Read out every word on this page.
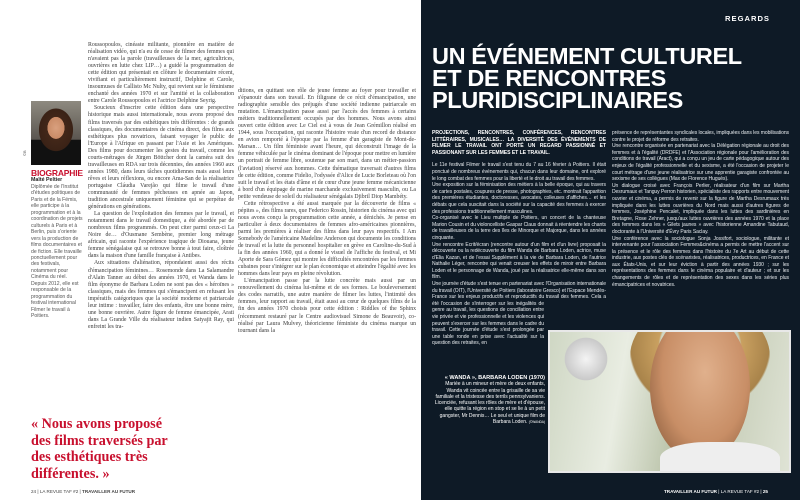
©B
BIOGRAPHIE
Maïté Peltier
Diplômée de l'Institut d'études politiques de Paris et de la Fémis, elle participe à la programmation et à la coordination de projets culturels à Paris et à Berlin, puis s'oriente vers la production de films documentaires et de fiction. Elle travaille ponctuellement pour des festivals, notamment pour Cinéma du réel. Depuis 2012, elle est responsable de la programmation du festival international Filmer le travail à Poitiers.

Roussopoulos, cinéaste militante, pionnière en matière de réalisation vidéo, qui n'a eu de cesse de filmer des femmes qui n'avaient pas la parole (travailleuses de la mer, agricultrices, ouvrières en lutte chez LIP…) a guidé la programmation de cette édition qui présentait en clôture le documentaire récent, vivifiant et particulièrement instructif, Delphine et Carole, insoumuses de Callisto Mc Nulty, qui revient sur le féminisme enchanté des années 1970 et sur l'amitié et la collaboration entre Carole Roussopoulos et l'actrice Delphine Seyrig.

Soucieux d'inscrire cette édition dans une perspective historique mais aussi internationale, nous avons proposé des films traversés par des esthétiques très différentes : de grands classiques, des documentaires de cinéma direct, des films aux esthétiques plus novatrices, faisant voyager le public de l'Europe à l'Afrique en passant par l'Asie et les Amériques. Des films pour documenter les gestes du travail, comme les courts-métrages de Jürgen Böttcher dont la caméra suit des travailleuses en RDA sur trois décennies, des années 1960 aux années 1980, dans leurs tâches quotidiennes mais aussi leurs rêves et leurs réflexions, ou encore Ama-San de la réalisatrice portugaise Cláudia Varejão qui filme le travail d'une communauté de femmes pêcheuses en apnée au Japon, tradition ancestrale uniquement féminine qui se perpétue de générations en générations.

La question de l'exploitation des femmes par le travail, et notamment dans le travail domestique, a été abordée par de nombreux films programmés. On peut citer parmi ceux-ci La Noire de… d'Ousmane Sembène, premier long métrage africain, qui raconte l'expérience tragique de Diouana, jeune femme sénégalaise qui se retrouve bonne à tout faire, cloîtrée dans la maison d'une famille française à Antibes.

Aux situations d'aliénation, répondaient aussi des récits d'émancipation féminines… Rosemonde dans La Salamandre d'Alain Tanner au début des années 1970, et Wanda dans le film éponyme de Barbara Loden ne sont pas des « héroïnes » classiques, mais des femmes qui s'émancipent en refusant les impératifs catégoriques que la société moderne et patriarcale leur intime : travailler, faire des enfants, être une bonne mère, une bonne ouvrière. Autre figure de femme émancipée, Arati dans La Grande Ville du réalisateur indien Satyajit Ray, qui enfreint les tra-

ditions, en quittant son rôle de jeune femme au foyer pour travailler et s'épanouir dans son travail. En filigrane de ce récit d'émancipation, une radiographie sensible des préjugés d'une société indienne patriarcale en mutation. L'émancipation passe aussi par l'accès des femmes à certains métiers traditionnellement occupés par des hommes. Nous avons ainsi ouvert cette édition avec Le Ciel est à vous de Jean Grémillon réalisé en 1944, sous l'occupation, qui raconte l'histoire vraie d'un record de distance en avion remporté à l'époque par la femme d'un garagiste de Mont-de-Marsan… Un film féministe avant l'heure, qui déconstruit l'image de la femme véhiculée par le cinéma dominant de l'époque pour mettre en lumière un portrait de femme libre, soutenue par son mari, dans un métier-passion (l'aviation) réservé aux hommes. Cette thématique traversait d'autres films de cette édition, comme Fidelio, l'odyssée d'Alice de Lucie Borleteau où l'on suit le travail et les états d'âme et de cœur d'une jeune femme mécanicienne à bord d'un équipage de marine marchande exclusivement masculin, ou La petite vendeuse de soleil du réalisateur sénégalais Djibril Diop Mambéty.

Cette rétrospective a été aussi marquée par la découverte de films « pépites », des films rares, que Federico Rossin, historien du cinéma avec qui nous avons conçu la programmation cette année, a dénichés. Je pense en particulier à deux documentaires de femmes afro-américaines pionnières, parmi les premières à réaliser des films dans leur pays respectifs. I Am Somebody de l'américaine Madeline Anderson qui documente les conditions de travail et la lutte du personnel hospitalier en grève en Caroline-du-Sud à la fin des années 1960, qui a donné le visuel de l'affiche du festival, et Mi Aporte de Sara Gómez qui montre les difficultés rencontrées par les femmes cubaines pour s'intégrer sur le plan économique et atteindre l'égalité avec les hommes dans leur pays en pleine révolution.

L'émancipation passe par la lutte concrète mais aussi par un renouvellement du cinéma lui-même et de ses formes. Le bouleversement des codes narratifs, une autre manière de filmer les luttes, l'intimité des femmes, leur rapport au travail, était aussi au cœur de quelques films de la fin des années 1970 choisis pour cette édition : Riddles of the Sphinx (récemment restauré par le Centre audiovisuel Simone de Beauvoir), co-réalisé par Laura Mulvey, théoricienne féministe du cinéma marque un tournant dans la

« Nous avons proposé des films traversés par des esthétiques très différentes. »
24 | LA REVUE TAF #2 | TRAVAILLER AU FUTUR
REGARDS
UN ÉVÉNEMENT CULTUREL ET DE RENCONTRES PLURIDISCIPLINAIRES

PROJECTIONS, RENCONTRES, CONFÉRENCES, RENCONTRES LITTÉRAIRES, MUSICALES… LA DIVERSITÉ DES ÉVÉNEMENTS DE FILMER LE TRAVAIL ONT PORTÉ UN REGARD PASSIONNÉ ET PASSIONANT SUR LES FEMMES ET LE TRAVAIL.

Le 11e festival Filmer le travail s'est tenu du 7 au 16 février à Poitiers. Il était ponctué de nombreux événements qui, chacun dans leur domaine, ont exploré le long combat des femmes pour la liberté et le droit au travail des femmes.

Une exposition sur la féminisation des métiers à la belle époque, qui au travers de cartes postales, coupures de presse, photographies, etc. montrait l'apparition des premières étudiantes, doctoresses, avocates, colleuses d'affiches… et les débats que cela suscitait dans la société sur la capacité des femmes à exercer des professions traditionnellement masculines.

Co-organisé avec le Lieu multiple de Poitiers, un concert de la chanteuse Marion Cousin et du violoncelliste Gaspar Claus donnait à réentendre les chants de travailleuses de la terre des îles de Minorque et Majorque, dans les années cinquante.

Une rencontre Ecrit/écran (rencontre autour d'un film et d'un livre) proposait la découverte ou la redécouverte du film Wanda de Barbara Loden, actrice, muse d'Elia Kazan, et de l'essai Supplément à la vie de Barbara Loden, de l'autrice Nathalie Léger, rencontre qui venait creuser les effets de miroir entre Barbara Loden et le personnage de Wanda, joué par la réalisatrice elle-même dans son film.

Une journée d'étude s'est tenue en partenariat avec l'Organisation internationale du travail (OIT), l'Université de Poitiers (laboratoire Gresco) et l'Espace Mendès-France sur les enjeux productifs et reproductifs du travail des femmes. Cela a été l'occasion de s'interroger sur les inégalités de genre au travail, les questions de conciliation entre vie privée et vie professionnelle et les violences qui peuvent s'exercer sur les femmes dans le cadre du travail. Cette journée d'étude s'est prolongée par une table ronde en prise avec l'actualité sur la question des retraites, en

présence de représentantes syndicales locales, impliquées dans les mobilisations contre le projet de réforme des retraites.

Une rencontre organisée en partenariat avec la Délégation régionale au droit des femmes et à l'égalité (DRDFE) et l'Association régionale pour l'amélioration des conditions de travail (Aract), qui a conçu un jeu de carte pédagogique autour des enjeux de l'égalité professionnelle et du sexisme, a été l'occasion de projeter le court métrage d'une jeune réalisatrice sur une apprentie garagiste confrontée au sexisme de ses collègues (Max de Florence Huguès).

Un dialogue croisé avec François Perlier, réalisateur d'un film sur Martha Desrumaux et Tanguy Perron historien, spécialiste des rapports entre mouvement ouvrier et cinéma, a permis de revenir sur la figure de Martha Desrumaux très impliquée dans les luttes ouvrières du Nord mais aussi d'autres figures de femmes, Joséphine Pencalet, impliquée dans les luttes des sardinières en Bretagne, Rose Zehner, jusqu'aux luttes ouvrières des années 1970 et la place des femmes dans les « Gilets jaunes » avec l'historienne Amandine Tabutaud, doctorante à l'Université d'Évry Paris Saclay.

Une conférence avec la sociologue Sonja Jossifort, sociologue, militante et intervenante pour l'association Femmes&cinéma a permis de mettre l'accent sur la présence et le rôle des femmes dans l'histoire du 7e Art au début de cette industrie, aux postes clés de scénaristes, réalisatrices, productrices, en France et aux États-Unis, et sur leur éviction à partir des années 1930 ; sur les représentations des femmes dans le cinéma populaire et d'auteur ; et sur les changements de rôles et de représentation des sexes dans les séries plus émancipatrices et novatrices.

« WANDA », BARBARA LODEN (1970)
Mariée à un mineur et mère de deux enfants, Wanda vit coincée entre la grisaille de sa vie familiale et la tristesse des terrils pennsylvaniens. Licenciée, refusant les rôles de mère et d'épouse, elle quitte la région en stop et se lie à un petit gangster, Mr Dennis… Le seul et unique film de Barbara Loden. (©WANDA)
TRAVAILLER AU FUTUR | LA REVUE TAF #2 | 25
